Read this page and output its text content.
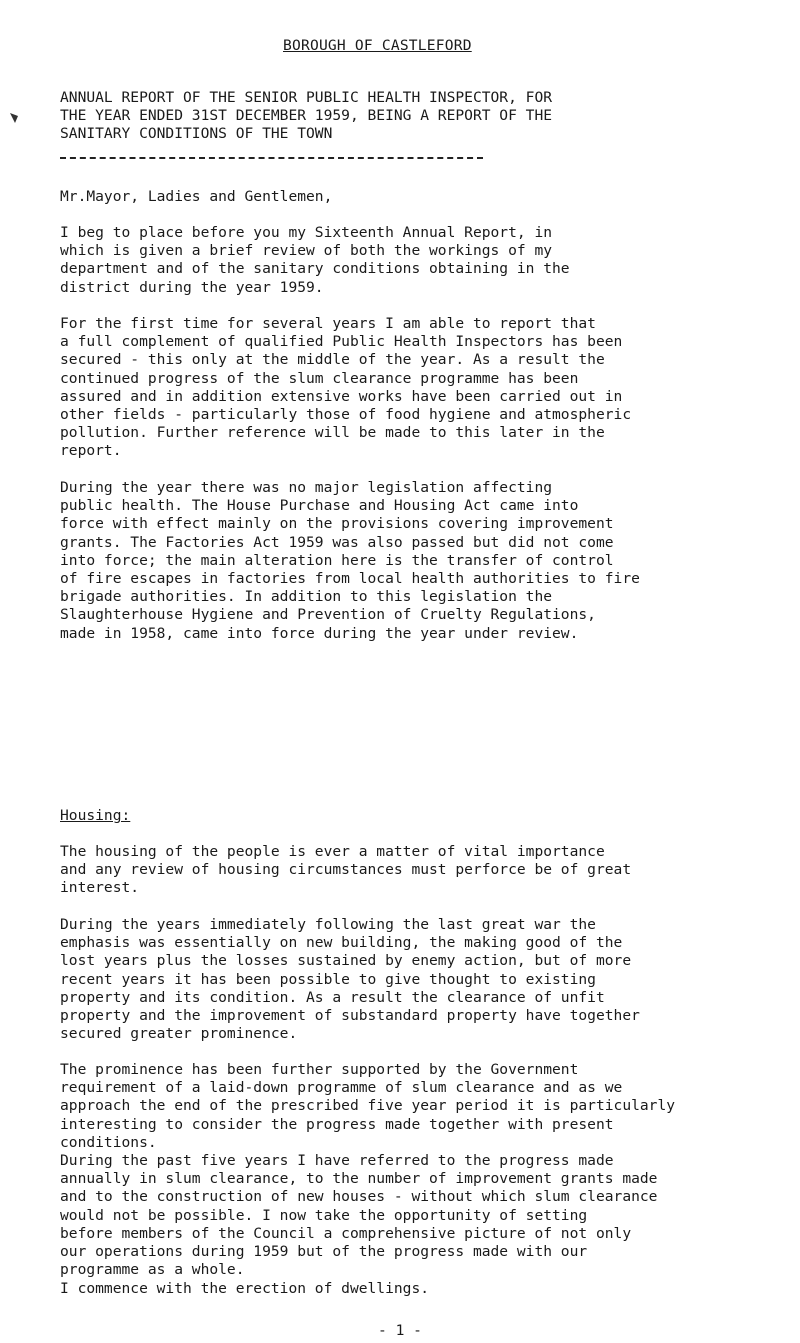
BOROUGH OF CASTLEFORD
ANNUAL REPORT OF THE SENIOR PUBLIC HEALTH INSPECTOR, FOR
THE YEAR ENDED 31ST DECEMBER 1959, BEING A REPORT OF THE
SANITARY CONDITIONS OF THE TOWN
Mr.Mayor, Ladies and Gentlemen,
I beg to place before you my Sixteenth Annual Report, in
which is given a brief review of both the workings of my
department and of the sanitary conditions obtaining in the
district during the year 1959.
For the first time for several years I am able to report that
a full complement of qualified Public Health Inspectors has been
secured - this only at the middle of the year. As a result the
continued progress of the slum clearance programme has been
assured and in addition extensive works have been carried out in
other fields - particularly those of food hygiene and atmospheric
pollution. Further reference will be made to this later in the
report.
During the year there was no major legislation affecting
public health. The House Purchase and Housing Act came into
force with effect mainly on the provisions covering improvement
grants. The Factories Act 1959 was also passed but did not come
into force; the main alteration here is the transfer of control
of fire escapes in factories from local health authorities to fire
brigade authorities. In addition to this legislation the
Slaughterhouse Hygiene and Prevention of Cruelty Regulations,
made in 1958, came into force during the year under review.
Housing:
The housing of the people is ever a matter of vital importance
and any review of housing circumstances must perforce be of great
interest.
During the years immediately following the last great war the
emphasis was essentially on new building, the making good of the
lost years plus the losses sustained by enemy action, but of more
recent years it has been possible to give thought to existing
property and its condition. As a result the clearance of unfit
property and the improvement of substandard property have together
secured greater prominence.
The prominence has been further supported by the Government
requirement of a laid-down programme of slum clearance and as we
approach the end of the prescribed five year period it is particularly
interesting to consider the progress made together with present
conditions.
During the past five years I have referred to the progress made
annually in slum clearance, to the number of improvement grants made
and to the construction of new houses - without which slum clearance
would not be possible. I now take the opportunity of setting
before members of the Council a comprehensive picture of not only
our operations during 1959 but of the progress made with our
programme as a whole.
I commence with the erection of dwellings.
- 1 -
